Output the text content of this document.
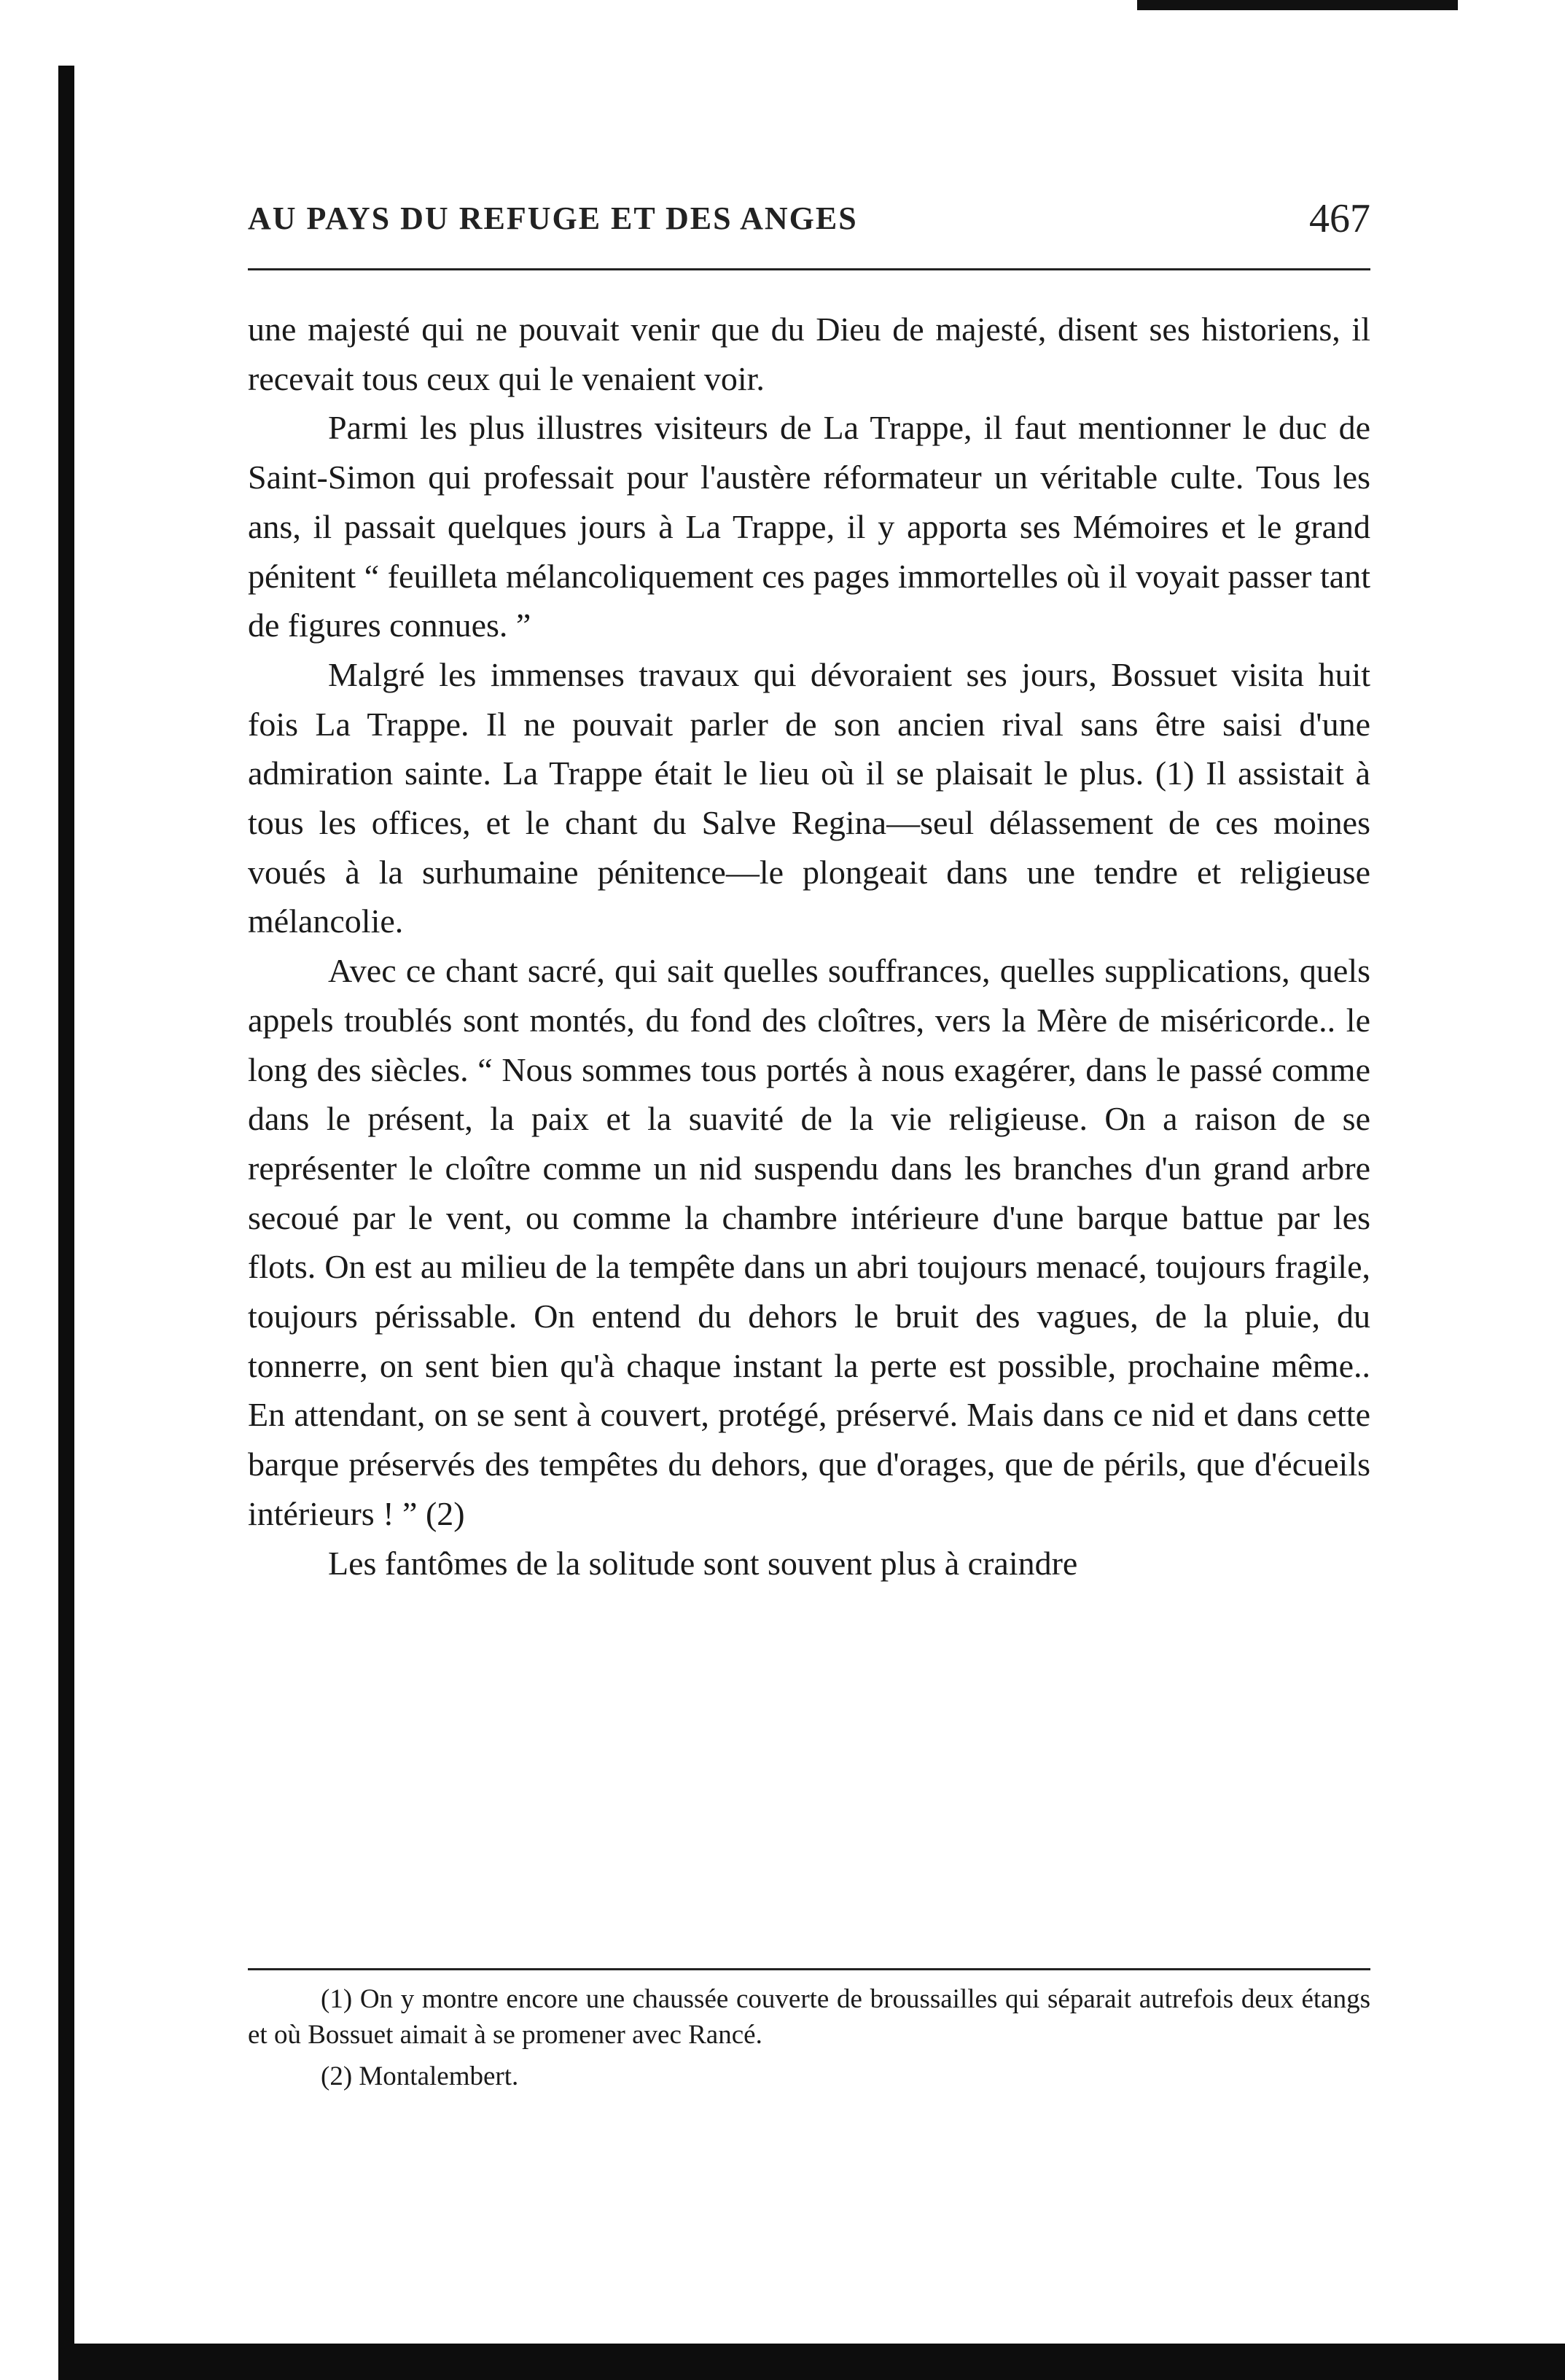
AU PAYS DU REFUGE ET DES ANGES	467

une majesté qui ne pouvait venir que du Dieu de majesté, disent ses historiens, il recevait tous ceux qui le venaient voir.

Parmi les plus illustres visiteurs de La Trappe, il faut mentionner le duc de Saint-Simon qui professait pour l'austère réformateur un véritable culte. Tous les ans, il passait quelques jours à La Trappe, il y apporta ses Mémoires et le grand pénitent “ feuilleta mélancoliquement ces pages immortelles où il voyait passer tant de figures connues. ”

Malgré les immenses travaux qui dévoraient ses jours, Bossuet visita huit fois La Trappe. Il ne pouvait parler de son ancien rival sans être saisi d'une admiration sainte. La Trappe était le lieu où il se plaisait le plus. (1) Il assistait à tous les offices, et le chant du Salve Regina—seul délassement de ces moines voués à la surhumaine pénitence—le plongeait dans une tendre et religieuse mélancolie.

Avec ce chant sacré, qui sait quelles souffrances, quelles supplications, quels appels troublés sont montés, du fond des cloîtres, vers la Mère de miséricorde.. le long des siècles. “ Nous sommes tous portés à nous exagérer, dans le passé comme dans le présent, la paix et la suavité de la vie religieuse. On a raison de se représenter le cloître comme un nid suspendu dans les branches d'un grand arbre secoué par le vent, ou comme la chambre intérieure d'une barque battue par les flots. On est au milieu de la tempête dans un abri toujours menacé, toujours fragile, toujours périssable. On entend du dehors le bruit des vagues, de la pluie, du tonnerre, on sent bien qu'à chaque instant la perte est possible, prochaine même.. En attendant, on se sent à couvert, protégé, préservé. Mais dans ce nid et dans cette barque préservés des tempêtes du dehors, que d'orages, que de périls, que d'écueils intérieurs ! ” (2)

Les fantômes de la solitude sont souvent plus à craindre

(1) On y montre encore une chaussée couverte de broussailles qui séparait autrefois deux étangs et où Bossuet aimait à se promener avec Rancé.

(2) Montalembert.
